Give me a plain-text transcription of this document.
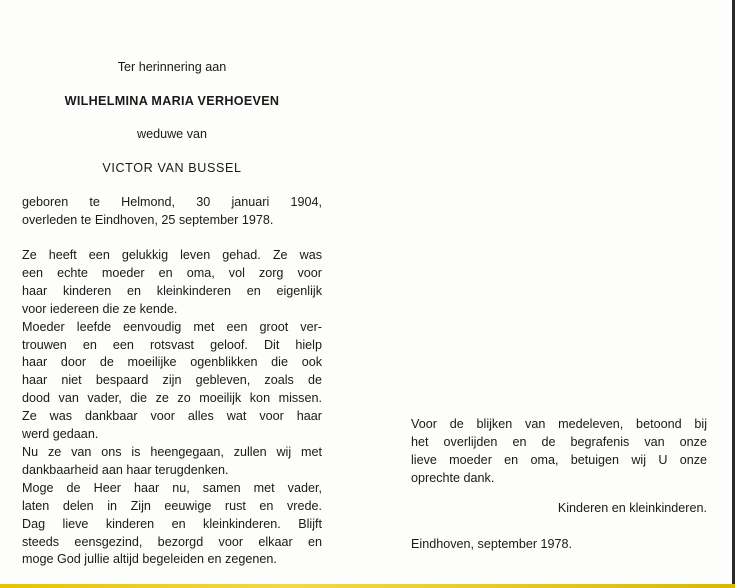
Ter herinnering aan
WILHELMINA MARIA VERHOEVEN
weduwe van
VICTOR VAN BUSSEL

geboren te Helmond, 30 januari 1904,

overleden te Eindhoven, 25 september 1978.

Ze heeft een gelukkig leven gehad. Ze was

een echte moeder en oma, vol zorg voor

haar kinderen en kleinkinderen en eigenlijk

voor iedereen die ze kende.

Moeder leefde eenvoudig met een groot ver-

trouwen en een rotsvast geloof. Dit hielp

haar door de moeilijke ogenblikken die ook

haar niet bespaard zijn gebleven, zoals de

dood van vader, die ze zo moeilijk kon missen.

Ze was dankbaar voor alles wat voor haar

werd gedaan.

Nu ze van ons is heengegaan, zullen wij met

dankbaarheid aan haar terugdenken.

Moge de Heer haar nu, samen met vader,

laten delen in Zijn eeuwige rust en vrede.

Dag lieve kinderen en kleinkinderen. Blijft

steeds eensgezind, bezorgd voor elkaar en

moge God jullie altijd begeleiden en zegenen.

Voor de blijken van medeleven, betoond bij

het overlijden en de begrafenis van onze

lieve moeder en oma, betuigen wij U onze

oprechte dank.

Kinderen en kleinkinderen.
Eindhoven, september 1978.
